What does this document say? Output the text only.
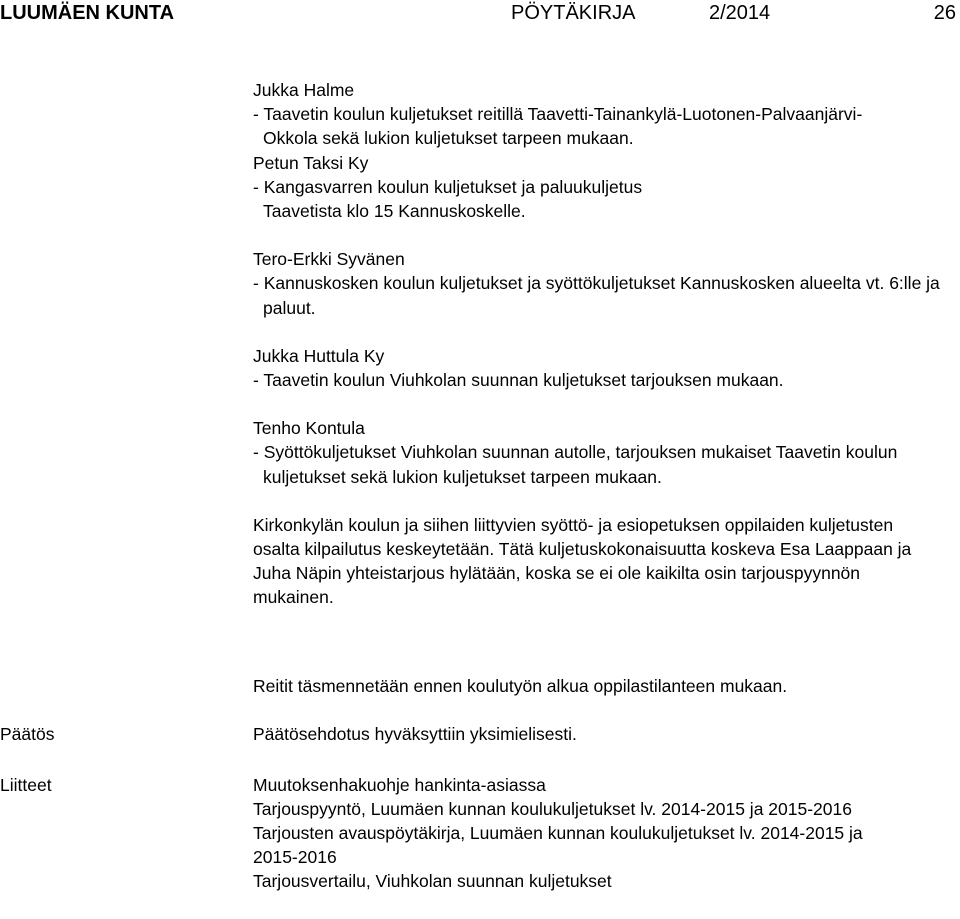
LUUMÄEN KUNTA	PÖYTÄKIRJA	2/2014	26

Jukka Halme

- Taavetin koulun kuljetukset reitillä Taavetti-Tainankylä-Luotonen-Palvaanjärvi-Okkola sekä lukion kuljetukset tarpeen mukaan.

Petun Taksi Ky

- Kangasvarren koulun kuljetukset ja paluukuljetus Taavetista klo 15 Kannuskoskelle.

Tero-Erkki Syvänen

- Kannuskosken koulun kuljetukset ja syöttökuljetukset Kannuskosken alueelta vt. 6:lle ja paluut.

Jukka Huttula Ky

- Taavetin koulun Viuhkolan suunnan kuljetukset tarjouksen mukaan.

Tenho Kontula

- Syöttökuljetukset Viuhkolan suunnan autolle, tarjouksen mukaiset Taavetin koulun kuljetukset sekä lukion kuljetukset tarpeen mukaan.

Kirkonkylän koulun ja siihen liittyvien syöttö- ja esiopetuksen oppilaiden kuljetusten osalta kilpailutus keskeytetään. Tätä kuljetuskokonaisuutta koskeva Esa Laappaan ja Juha Näpin yhteistarjous hylätään, koska se ei ole kaikilta osin tarjouspyynnön mukainen.

Reitit täsmennetään ennen koulutyön alkua oppilastilanteen mukaan.

Päätös	Päätösehdotus hyväksyttiin yksimielisesti.

Liitteet	Muutoksenhakuohje hankinta-asiassa

Tarjouspyyntö, Luumäen kunnan koulukuljetukset lv. 2014-2015 ja 2015-2016

Tarjousten avauspöytäkirja, Luumäen kunnan koulukuljetukset lv. 2014-2015 ja 2015-2016

Tarjousvertailu, Viuhkolan suunnan kuljetukset
